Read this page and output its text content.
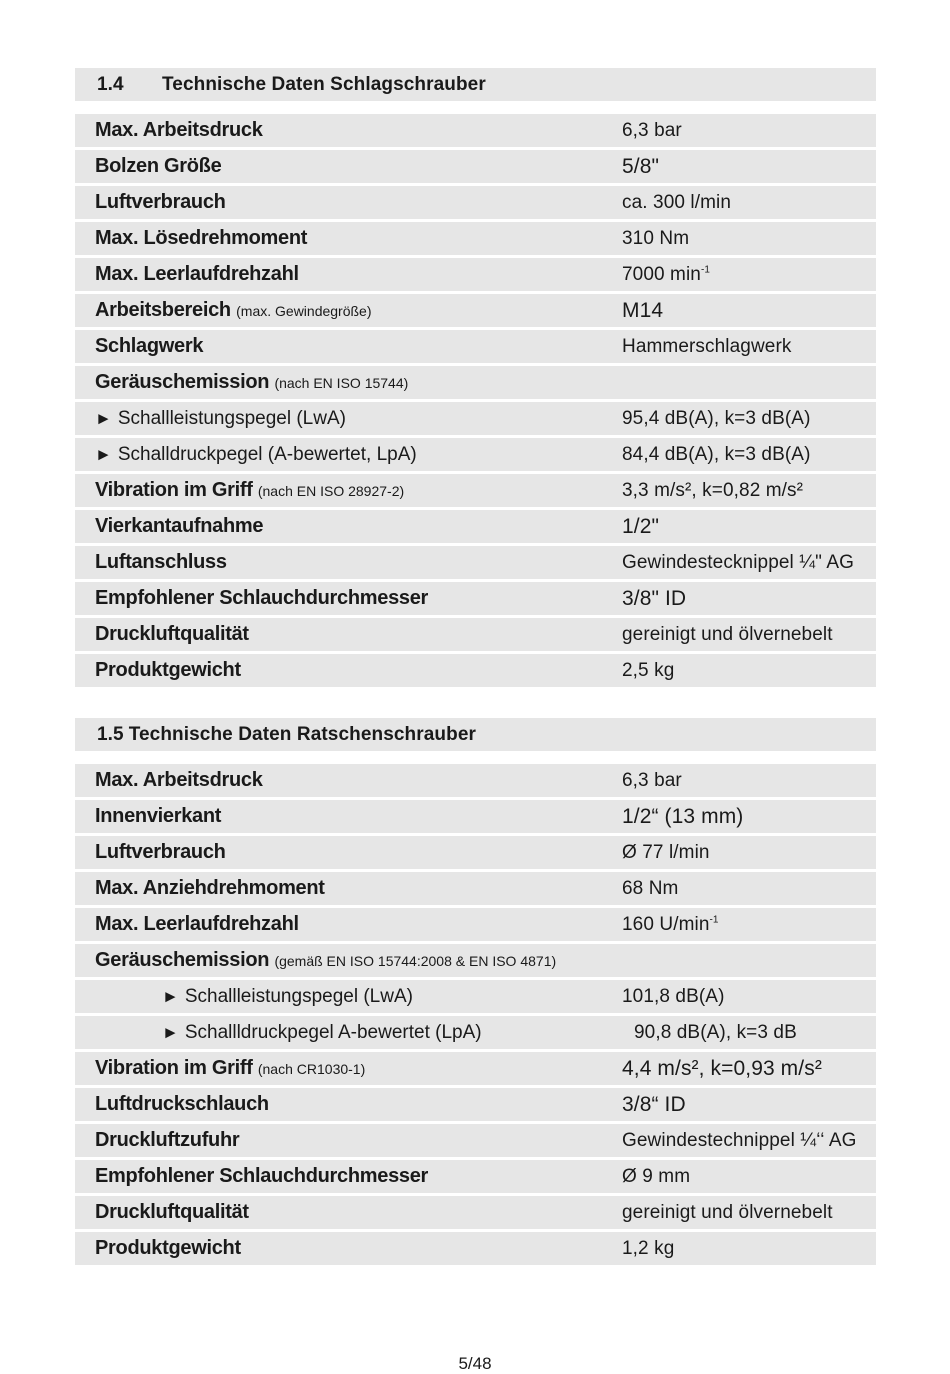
1.4	Technische Daten Schlagschrauber
Max. Arbeitsdruck	6,3 bar
Bolzen Größe	5/8"
Luftverbrauch	ca. 300 l/min
Max. Lösedrehmoment	310 Nm
Max. Leerlaufdrehzahl	7000 $\min^{-1}$
Arbeitsbereich (max. Gewindegröße)	M14
Schlagwerk	Hammerschlagwerk
Geräuschemission (nach EN ISO 15744)
► Schallleistungspegel (LwA)	95,4 dB(A), k=3 dB(A)
► Schalldruckpegel (A-bewertet, LpA)	84,4 dB(A), k=3 dB(A)
Vibration im Griff (nach EN ISO 28927-2)	3,3 m/s², k=0,82 m/s²
Vierkantaufnahme	1/2"
Luftanschluss	Gewindestecknippel ¼" AG
Empfohlener Schlauchdurchmesser	3/8" ID
Druckluftqualität	gereinigt und ölvernebelt
Produktgewicht	2,5 kg
1.5 Technische Daten Ratschenschrauber
Max. Arbeitsdruck	6,3 bar
Innenvierkant	1/2“ (13 mm)
Luftverbrauch	Ø 77 l/min
Max. Anziehdrehmoment	68 Nm
Max. Leerlaufdrehzahl	160 $U/\min^{-1}$
Geräuschemission (gemäß EN ISO 15744:2008 & EN ISO 4871)
► Schallleistungspegel (LwA)	101,8 dB(A)
► Schallldruckpegel A-bewertet (LpA)	90,8 dB(A), k=3 dB
Vibration im Griff (nach CR1030-1)	4,4 m/s², k=0,93 m/s²
Luftdruckschlauch	3/8“ ID
Druckluftzufuhr	Gewindestechnippel ¼‘‘ AG
Empfohlener Schlauchdurchmesser	Ø 9 mm
Druckluftqualität	gereinigt und ölvernebelt
Produktgewicht	1,2 kg
5/48
